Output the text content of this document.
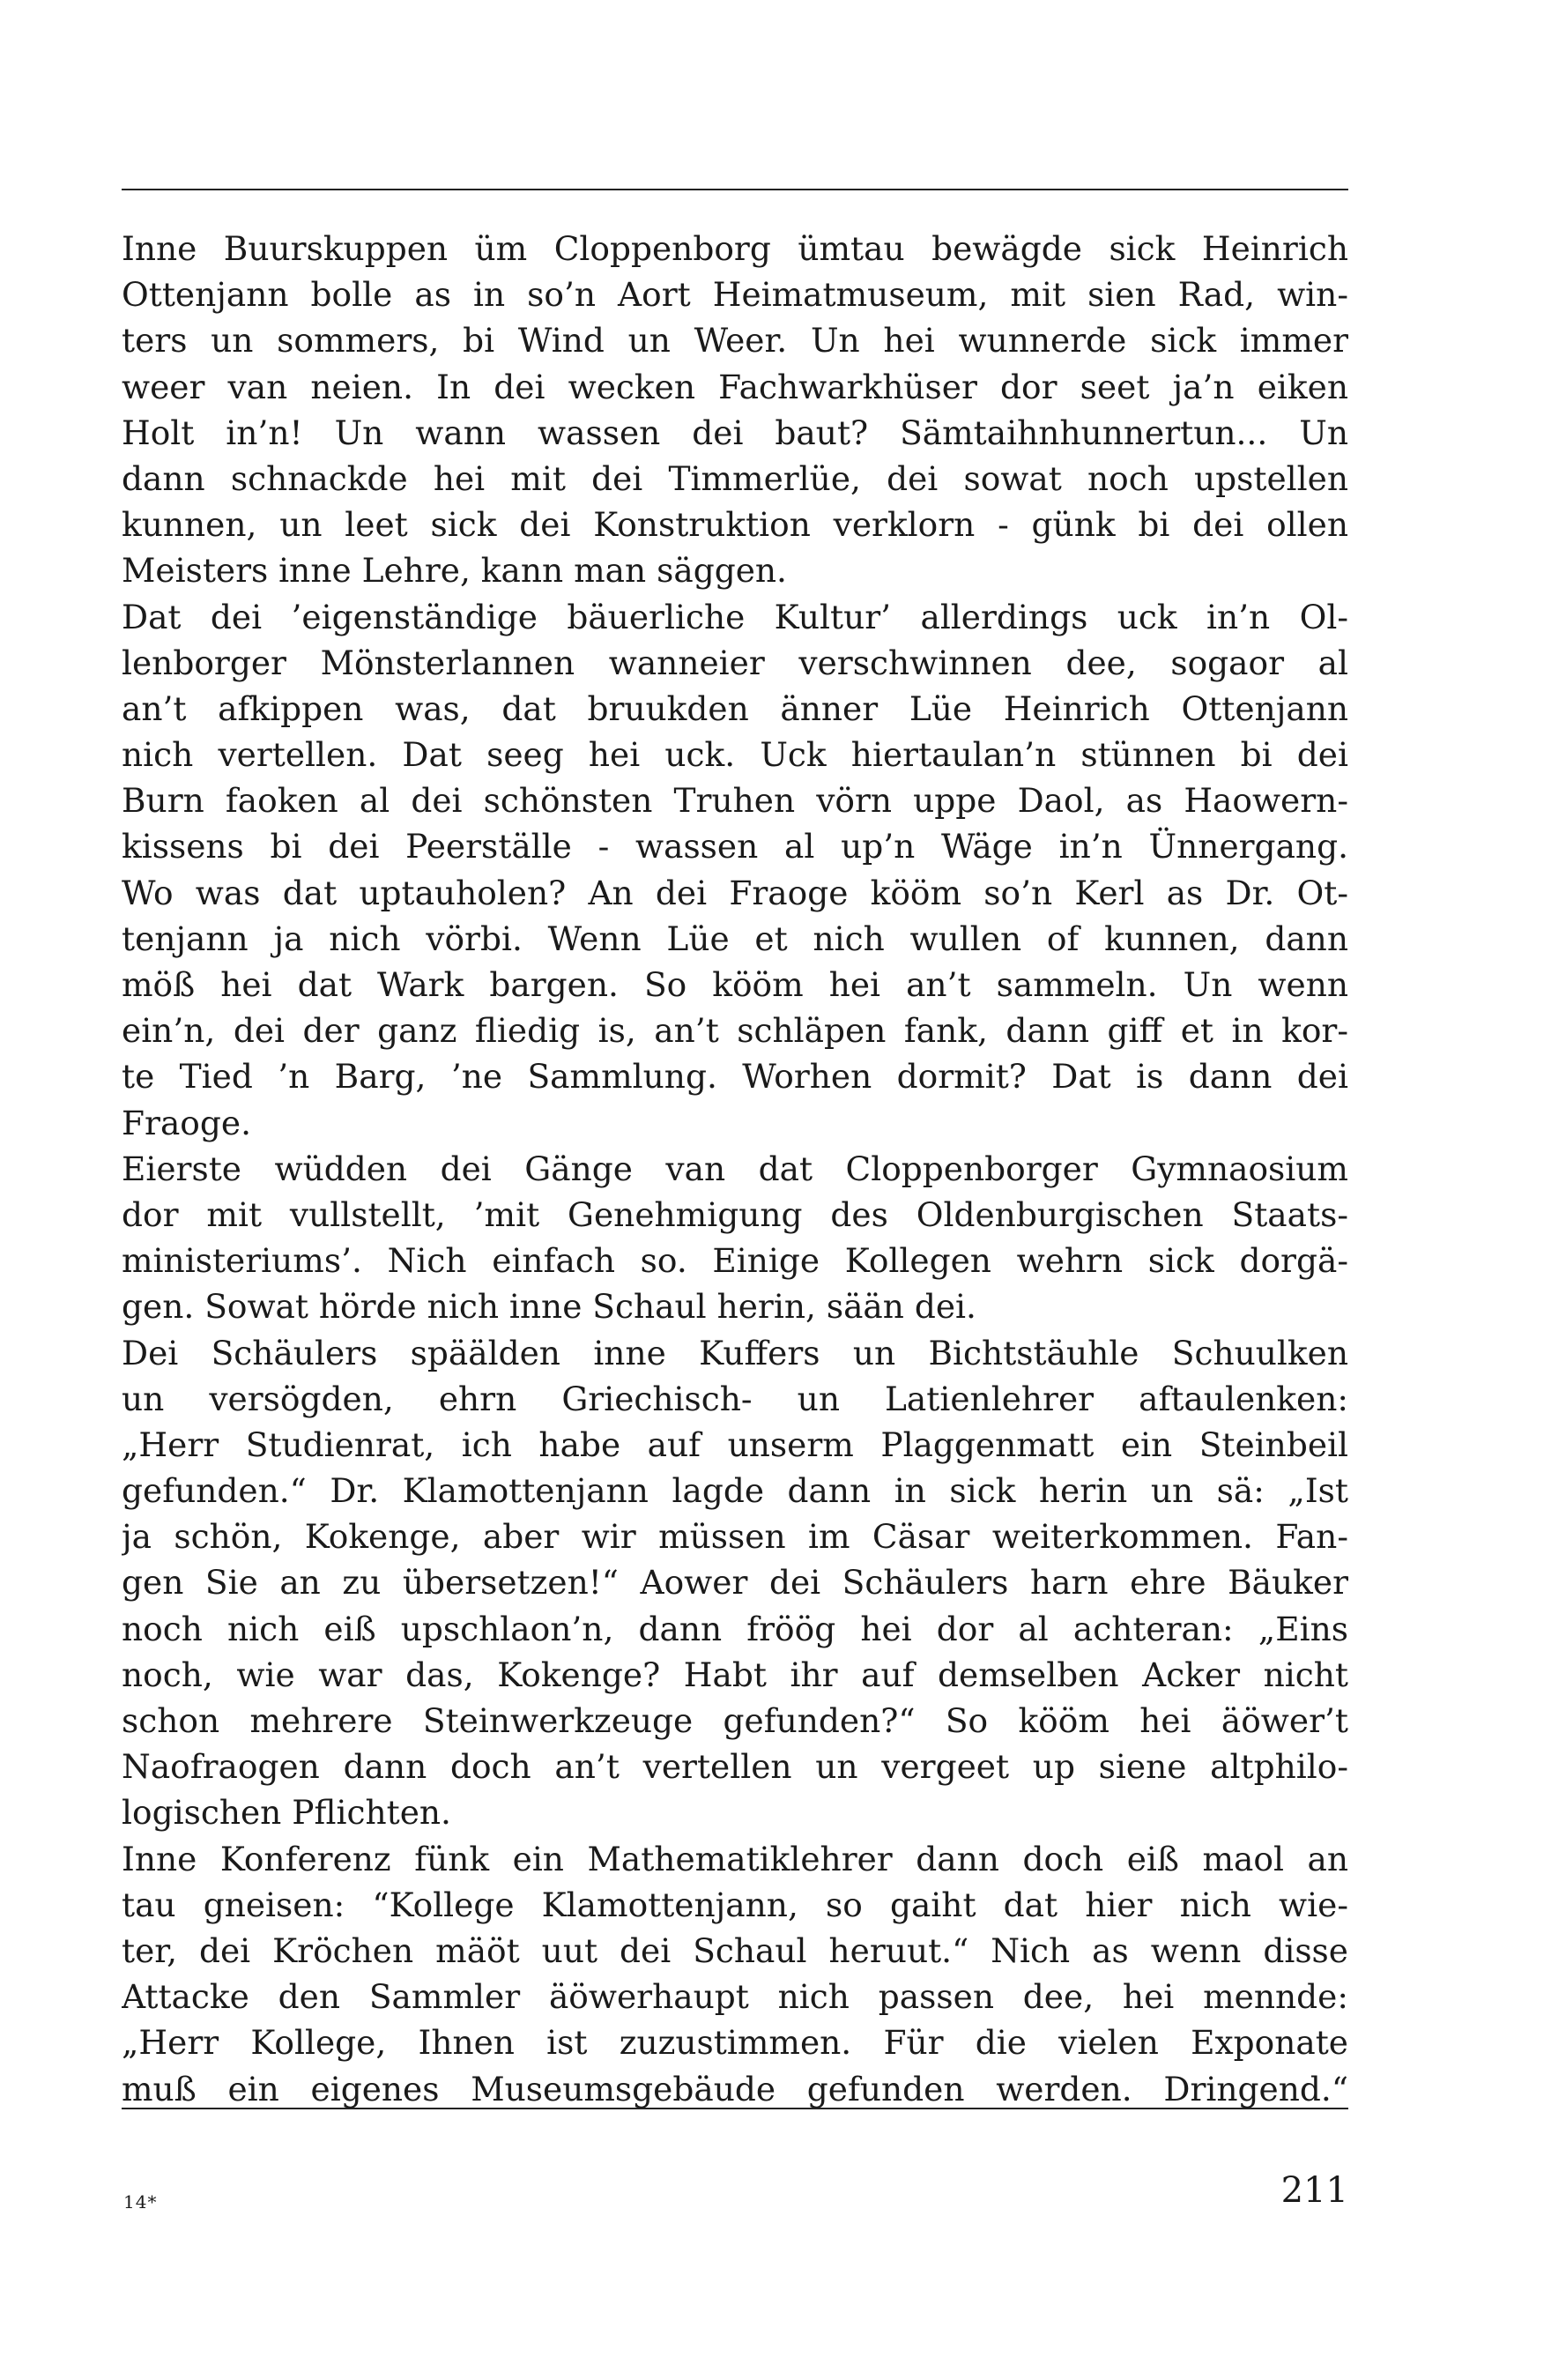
Inne Buurskuppen üm Cloppenborg ümtau bewägde sick Heinrich
Ottenjann bolle as in so’n Aort Heimatmuseum, mit sien Rad, win-
ters un sommers, bi Wind un Weer. Un hei wunnerde sick immer
weer van neien. In dei wecken Fachwarkhüser dor seet ja’n eiken
Holt in’n! Un wann wassen dei baut? Sämtaihnhunnertun... Un
dann schnackde hei mit dei Timmerlüe, dei sowat noch upstellen
kunnen, un leet sick dei Konstruktion verklorn - günk bi dei ollen
Meisters inne Lehre, kann man säggen.
Dat dei ’eigenständige bäuerliche Kultur’ allerdings uck in’n Ol-
lenborger Mönsterlannen wanneier verschwinnen dee, sogaor al
an’t afkippen was, dat bruukden änner Lüe Heinrich Ottenjann
nich vertellen. Dat seeg hei uck. Uck hiertaulan’n stünnen bi dei
Burn faoken al dei schönsten Truhen vörn uppe Daol, as Haowern-
kissens bi dei Peerställe - wassen al up’n Wäge in’n Ünnergang.
Wo was dat uptauholen? An dei Fraoge kööm so’n Kerl as Dr. Ot-
tenjann ja nich vörbi. Wenn Lüe et nich wullen of kunnen, dann
möß hei dat Wark bargen. So kööm hei an’t sammeln. Un wenn
ein’n, dei der ganz fliedig is, an’t schläpen fank, dann giff et in kor-
te Tied ’n Barg, ’ne Sammlung. Worhen dormit? Dat is dann dei
Fraoge.
Eierste wüdden dei Gänge van dat Cloppenborger Gymnaosium
dor mit vullstellt, ’mit Genehmigung des Oldenburgischen Staats-
ministeriums’. Nich einfach so. Einige Kollegen wehrn sick dorgä-
gen. Sowat hörde nich inne Schaul herin, sään dei.
Dei Schäulers späälden inne Kuffers un Bichtstäuhle Schuulken
un versögden, ehrn Griechisch- un Latienlehrer aftaulenken:
„Herr Studienrat, ich habe auf unserm Plaggenmatt ein Steinbeil
gefunden.“ Dr. Klamottenjann lagde dann in sick herin un sä: „Ist
ja schön, Kokenge, aber wir müssen im Cäsar weiterkommen. Fan-
gen Sie an zu übersetzen!“ Aower dei Schäulers harn ehre Bäuker
noch nich eiß upschlaon’n, dann fröög hei dor al achteran: „Eins
noch, wie war das, Kokenge? Habt ihr auf demselben Acker nicht
schon mehrere Steinwerkzeuge gefunden?“ So kööm hei äöwer’t
Naofraogen dann doch an’t vertellen un vergeet up siene altphilo-
logischen Pflichten.
Inne Konferenz fünk ein Mathematiklehrer dann doch eiß maol an
tau gneisen: “Kollege Klamottenjann, so gaiht dat hier nich wie-
ter, dei Kröchen mäöt uut dei Schaul heruut.“ Nich as wenn disse
Attacke den Sammler äöwerhaupt nich passen dee, hei mennde:
„Herr Kollege, Ihnen ist zuzustimmen. Für die vielen Exponate
muß ein eigenes Museumsgebäude gefunden werden. Dringend.“
14*	211
